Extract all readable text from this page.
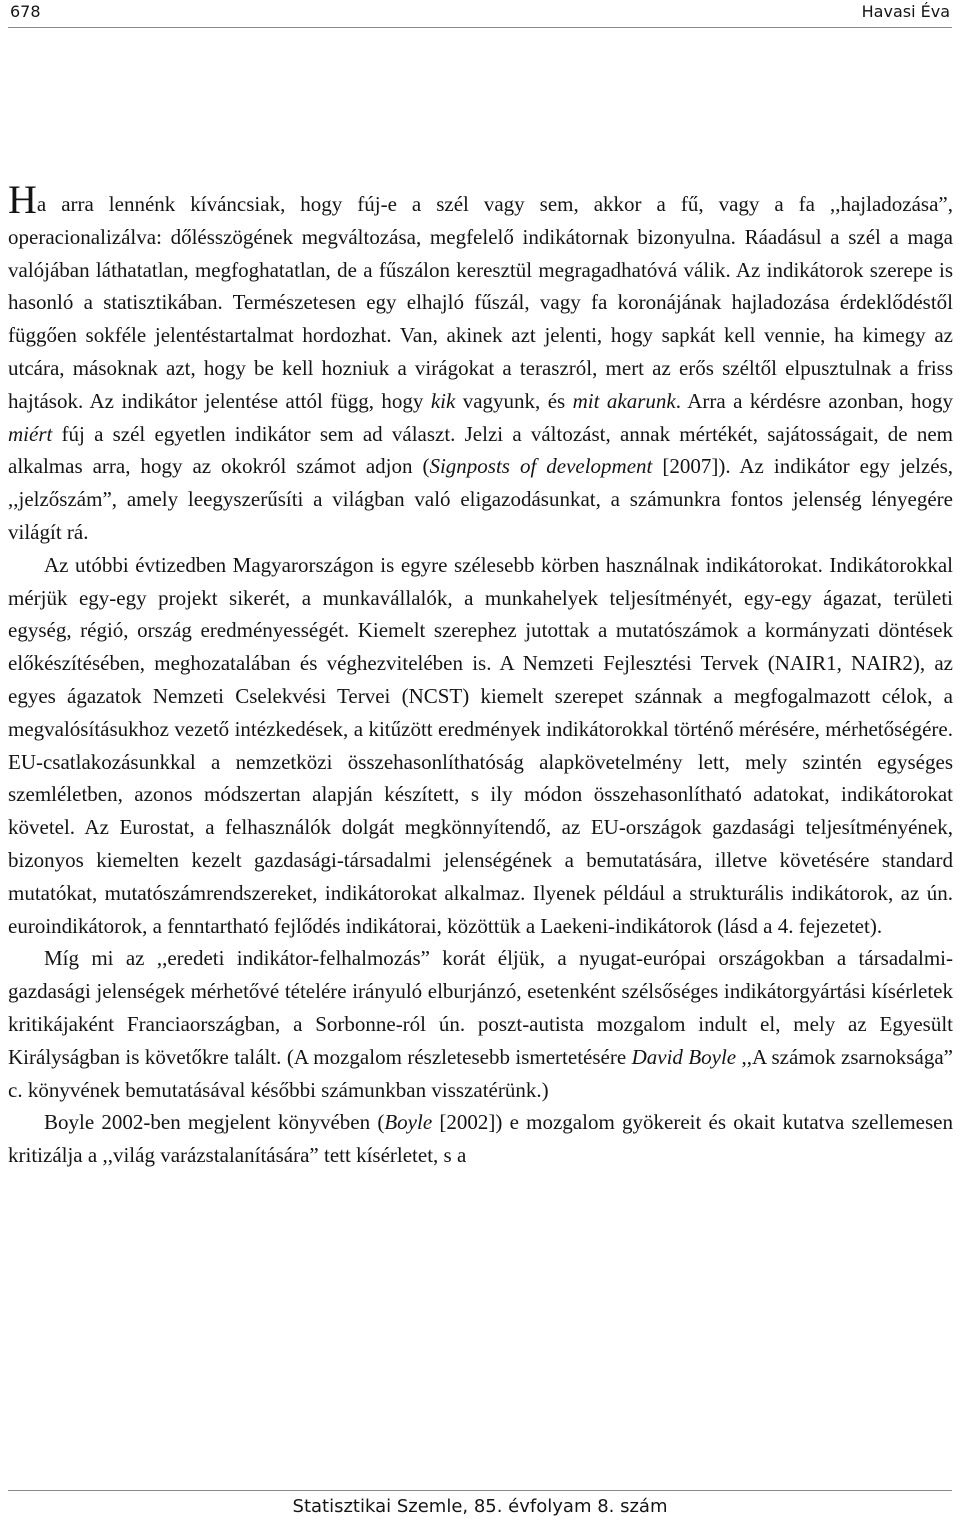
678	Havasi Éva

Ha arra lennénk kíváncsiak, hogy fúj-e a szél vagy sem, akkor a fű, vagy a fa ,,hajladozása”, operacionalizálva: dőlésszögének megváltozása, megfelelő indikátornak bizonyulna. Ráadásul a szél a maga valójában láthatatlan, megfoghatatlan, de a fűszálon keresztül megragadhatóvá válik. Az indikátorok szerepe is hasonló a statisztikában. Természetesen egy elhajló fűszál, vagy fa koronájának hajladozása érdeklődéstől függően sokféle jelentéstartalmat hordozhat. Van, akinek azt jelenti, hogy sapkát kell vennie, ha kimegy az utcára, másoknak azt, hogy be kell hozniuk a virágokat a teraszról, mert az erős széltől elpusztulnak a friss hajtások. Az indikátor jelentése attól függ, hogy kik vagyunk, és mit akarunk. Arra a kérdésre azonban, hogy miért fúj a szél egyetlen indikátor sem ad választ. Jelzi a változást, annak mértékét, sajátosságait, de nem alkalmas arra, hogy az okokról számot adjon (Signposts of development [2007]). Az indikátor egy jelzés, ,,jelzőszám”, amely leegyszerűsíti a világban való eligazodásunkat, a számunkra fontos jelenség lényegére világít rá.

Az utóbbi évtizedben Magyarországon is egyre szélesebb körben használnak indikátorokat. Indikátorokkal mérjük egy-egy projekt sikerét, a munkavállalók, a munkahelyek teljesítményét, egy-egy ágazat, területi egység, régió, ország eredményességét. Kiemelt szerephez jutottak a mutatószámok a kormányzati döntések előkészítésében, meghozatalában és véghezvitelében is. A Nemzeti Fejlesztési Tervek (NAIR1, NAIR2), az egyes ágazatok Nemzeti Cselekvési Tervei (NCST) kiemelt szerepet szánnak a megfogalmazott célok, a megvalósításukhoz vezető intézkedések, a kitűzött eredmények indikátorokkal történő mérésére, mérhetőségére. EU-csatlakozásunkkal a nemzetközi összehasonlíthatóság alapkövetelmény lett, mely szintén egységes szemléletben, azonos módszertan alapján készített, s ily módon összehasonlítható adatokat, indikátorokat követel. Az Eurostat, a felhasználók dolgát megkönnyítendő, az EU-országok gazdasági teljesítményének, bizonyos kiemelten kezelt gazdasági-társadalmi jelenségének a bemutatására, illetve követésére standard mutatókat, mutatószámrendszereket, indikátorokat alkalmaz. Ilyenek például a strukturális indikátorok, az ún. euroindikátorok, a fenntartható fejlődés indikátorai, közöttük a Laekeni-indikátorok (lásd a 4. fejezetet).

Míg mi az ,,eredeti indikátor-felhalmozás” korát éljük, a nyugat-európai országokban a társadalmi-gazdasági jelenségek mérhetővé tételére irányuló elburjánzó, esetenként szélsőséges indikátorgyártási kísérletek kritikájaként Franciaországban, a Sorbonne-ról ún. poszt-autista mozgalom indult el, mely az Egyesült Királyságban is követőkre talált. (A mozgalom részletesebb ismertetésére David Boyle ,,A számok zsarnoksága” c. könyvének bemutatásával későbbi számunkban visszatérünk.)

Boyle 2002-ben megjelent könyvében (Boyle [2002]) e mozgalom gyökereit és okait kutatva szellemesen kritizálja a ,,világ varázstalanítására” tett kísérletet, s a

Statisztikai Szemle, 85. évfolyam 8. szám
